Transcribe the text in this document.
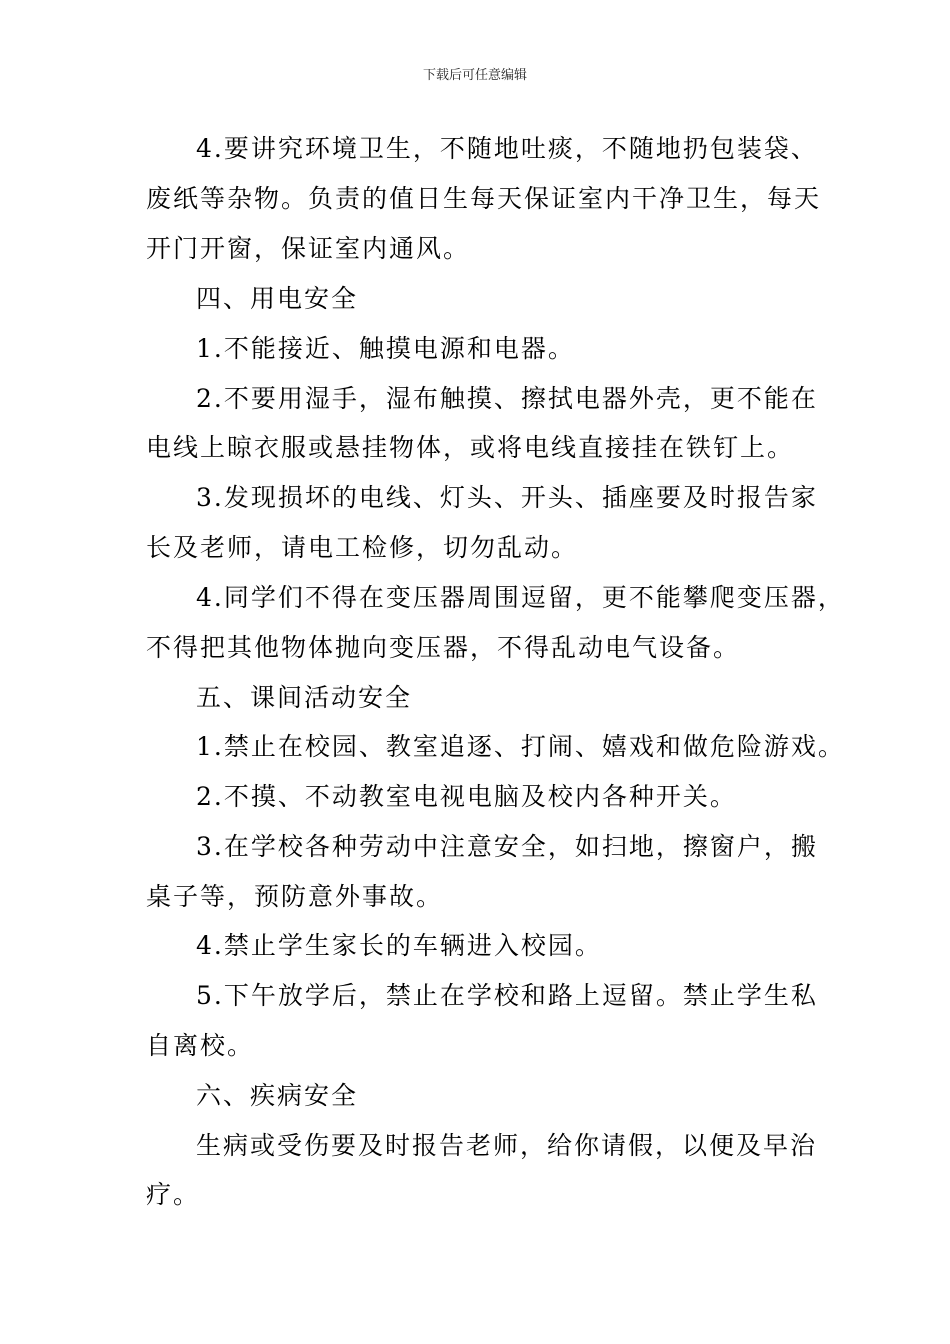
下载后可任意编辑
4.要讲究环境卫生，不随地吐痰，不随地扔包装袋、
废纸等杂物。负责的值日生每天保证室内干净卫生，每天
开门开窗，保证室内通风。
四、用电安全
1.不能接近、触摸电源和电器。
2.不要用湿手，湿布触摸、擦拭电器外壳，更不能在
电线上晾衣服或悬挂物体，或将电线直接挂在铁钉上。
3.发现损坏的电线、灯头、开头、插座要及时报告家
长及老师，请电工检修，切勿乱动。
4.同学们不得在变压器周围逗留，更不能攀爬变压器，
不得把其他物体抛向变压器，不得乱动电气设备。
五、课间活动安全
1.禁止在校园、教室追逐、打闹、嬉戏和做危险游戏。
2.不摸、不动教室电视电脑及校内各种开关。
3.在学校各种劳动中注意安全，如扫地，擦窗户，搬
桌子等，预防意外事故。
4.禁止学生家长的车辆进入校园。
5.下午放学后，禁止在学校和路上逗留。禁止学生私
自离校。
六、疾病安全
生病或受伤要及时报告老师，给你请假，以便及早治
疗。
